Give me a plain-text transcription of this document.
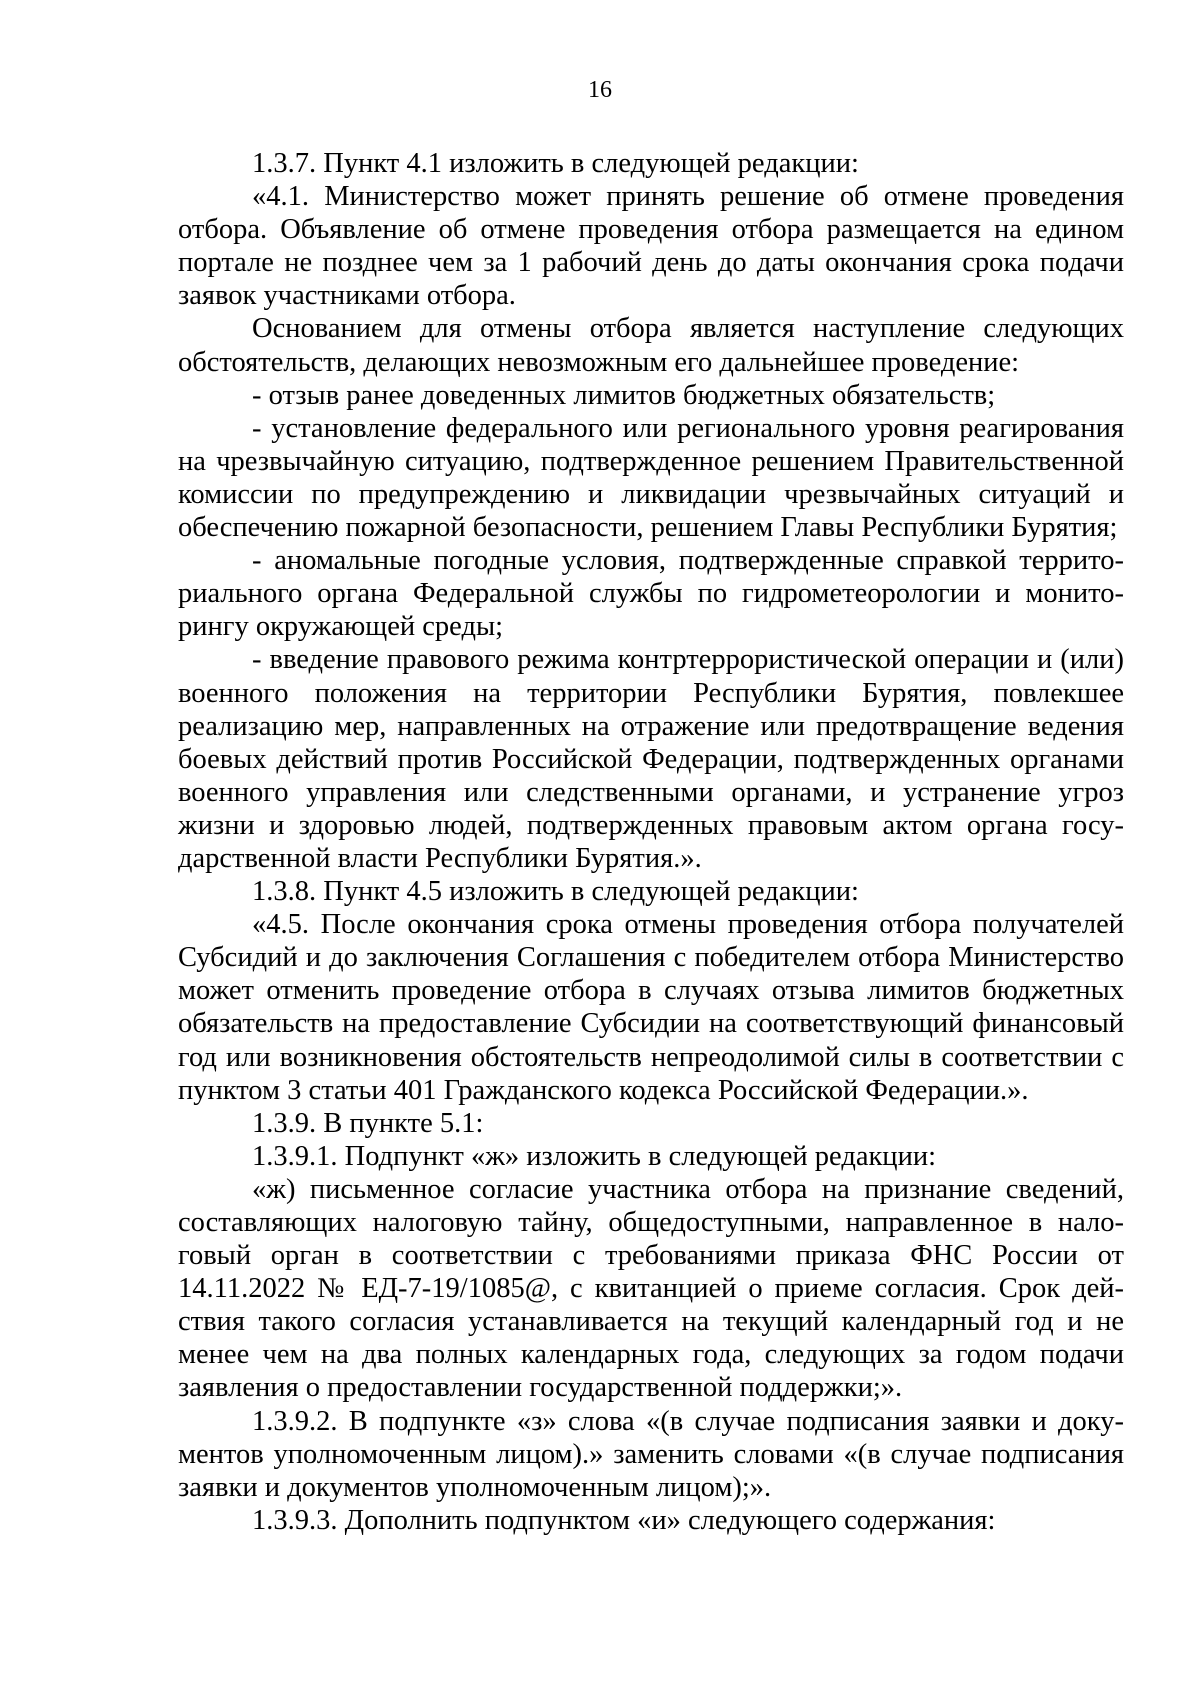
16

1.3.7. Пункт 4.1 изложить в следующей редакции:

«4.1. Министерство может принять решение об отмене проведения отбора. Объявление об отмене проведения отбора размещается на едином портале не позднее чем за 1 рабочий день до даты окончания срока подачи заявок участниками отбора.

Основанием для отмены отбора является наступление следующих обстоятельств, делающих невозможным его дальнейшее проведение:

- отзыв ранее доведенных лимитов бюджетных обязательств;

- установление федерального или регионального уровня реагирования на чрезвычайную ситуацию, подтвержденное решением Правительственной комиссии по предупреждению и ликвидации чрезвычайных ситуаций и обеспечению пожарной безопасности, решением Главы Республики Бурятия;

- аномальные погодные условия, подтвержденные справкой территориального органа Федеральной службы по гидрометеорологии и мониторингу окружающей среды;

- введение правового режима контртеррористической операции и (или) военного положения на территории Республики Бурятия, повлекшее реализацию мер, направленных на отражение или предотвращение ведения боевых действий против Российской Федерации, подтвержденных органами военного управления или следственными органами, и устранение угроз жизни и здоровью людей, подтвержденных правовым актом органа государственной власти Республики Бурятия.».

1.3.8. Пункт 4.5 изложить в следующей редакции:

«4.5. После окончания срока отмены проведения отбора получателей Субсидий и до заключения Соглашения с победителем отбора Министерство может отменить проведение отбора в случаях отзыва лимитов бюджетных обязательств на предоставление Субсидии на соответствующий финансовый год или возникновения обстоятельств непреодолимой силы в соответствии с пунктом 3 статьи 401 Гражданского кодекса Российской Федерации.».

1.3.9. В пункте 5.1:

1.3.9.1. Подпункт «ж» изложить в следующей редакции:

«ж) письменное согласие участника отбора на признание сведений, составляющих налоговую тайну, общедоступными, направленное в налоговый орган в соответствии с требованиями приказа ФНС России от 14.11.2022 № ЕД-7-19/1085@, с квитанцией о приеме согласия. Срок действия такого согласия устанавливается на текущий календарный год и не менее чем на два полных календарных года, следующих за годом подачи заявления о предоставлении государственной поддержки;».

1.3.9.2. В подпункте «з» слова «(в случае подписания заявки и документов уполномоченным лицом).» заменить словами «(в случае подписания заявки и документов уполномоченным лицом);».

1.3.9.3. Дополнить подпунктом «и» следующего содержания:
